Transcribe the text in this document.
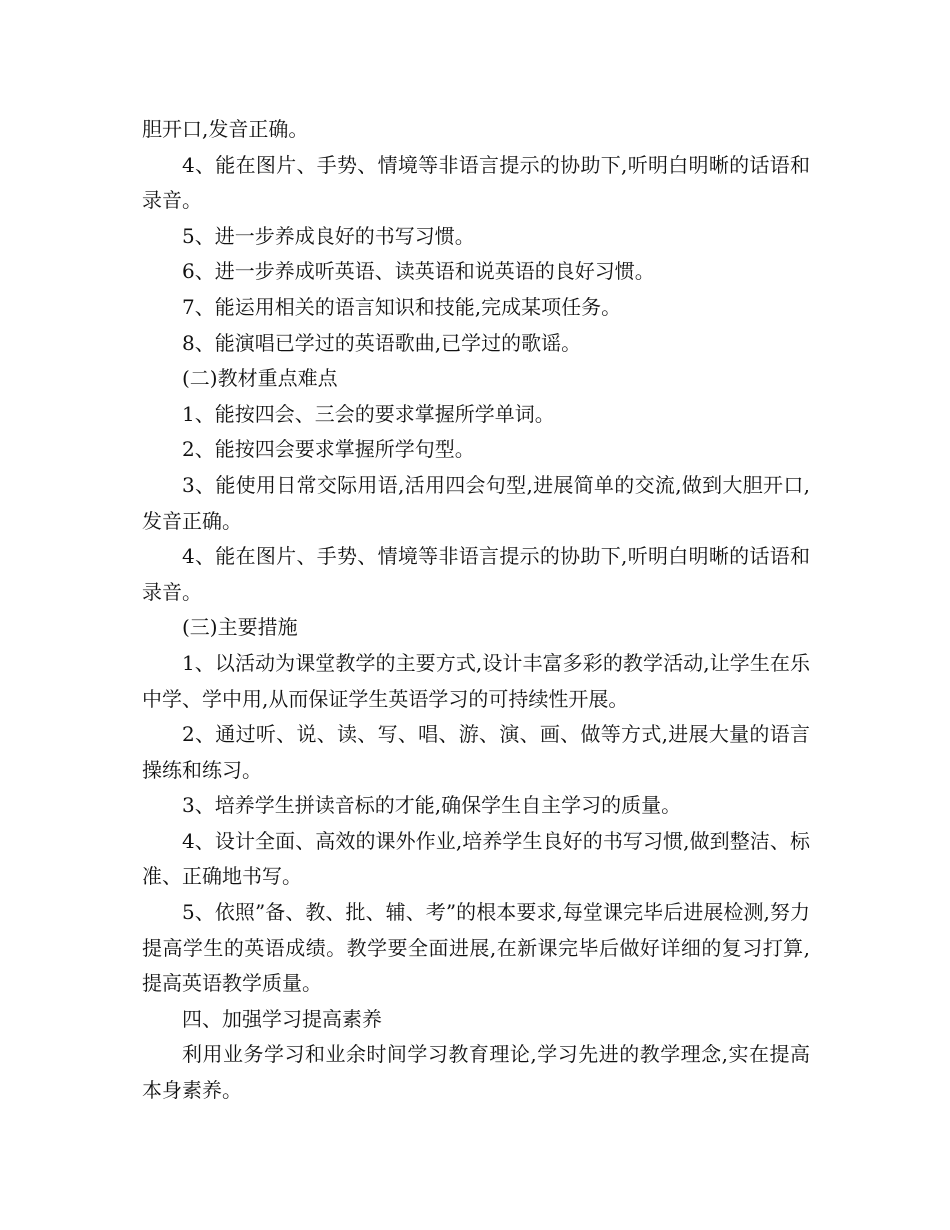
胆开口,发音正确。

4、能在图片、手势、情境等非语言提示的协助下,听明白明晰的话语和录音。

5、进一步养成良好的书写习惯。

6、进一步养成听英语、读英语和说英语的良好习惯。

7、能运用相关的语言知识和技能,完成某项任务。

8、能演唱已学过的英语歌曲,已学过的歌谣。

(二)教材重点难点

1、能按四会、三会的要求掌握所学单词。

2、能按四会要求掌握所学句型。

3、能使用日常交际用语,活用四会句型,进展简单的交流,做到大胆开口,发音正确。

4、能在图片、手势、情境等非语言提示的协助下,听明白明晰的话语和录音。

(三)主要措施

1、以活动为课堂教学的主要方式,设计丰富多彩的教学活动,让学生在乐中学、学中用,从而保证学生英语学习的可持续性开展。

2、通过听、说、读、写、唱、游、演、画、做等方式,进展大量的语言操练和练习。

3、培养学生拼读音标的才能,确保学生自主学习的质量。

4、设计全面、高效的课外作业,培养学生良好的书写习惯,做到整洁、标准、正确地书写。

5、依照”备、教、批、辅、考”的根本要求,每堂课完毕后进展检测,努力提高学生的英语成绩。教学要全面进展,在新课完毕后做好详细的复习打算,提高英语教学质量。

四、加强学习提高素养

利用业务学习和业余时间学习教育理论,学习先进的教学理念,实在提高本身素养。
